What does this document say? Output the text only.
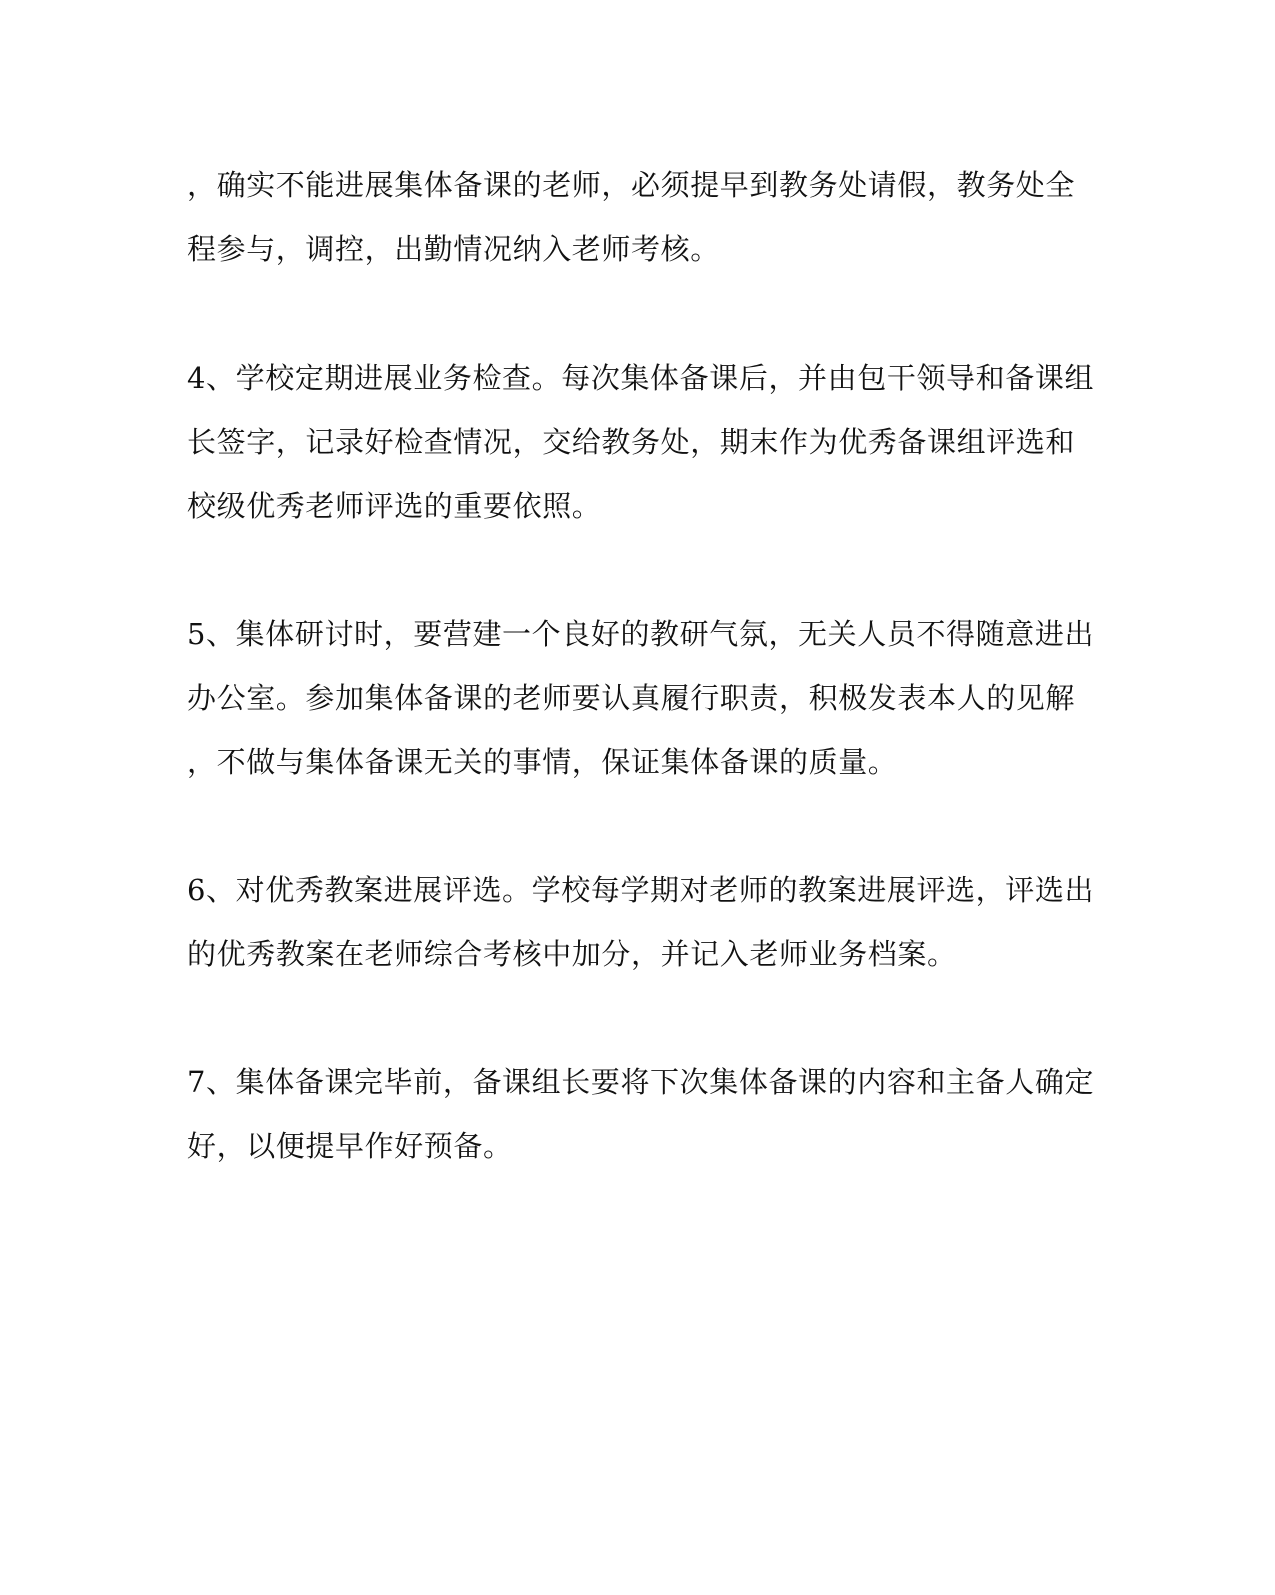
，确实不能进展集体备课的老师，必须提早到教务处请假，教务处全
程参与，调控，出勤情况纳入老师考核。
4、学校定期进展业务检查。每次集体备课后，并由包干领导和备课组
长签字，记录好检查情况，交给教务处，期末作为优秀备课组评选和
校级优秀老师评选的重要依照。
5、集体研讨时，要营建一个良好的教研气氛，无关人员不得随意进出
办公室。参加集体备课的老师要认真履行职责，积极发表本人的见解
，不做与集体备课无关的事情，保证集体备课的质量。
6、对优秀教案进展评选。学校每学期对老师的教案进展评选，评选出
的优秀教案在老师综合考核中加分，并记入老师业务档案。
7、集体备课完毕前，备课组长要将下次集体备课的内容和主备人确定
好，以便提早作好预备。
